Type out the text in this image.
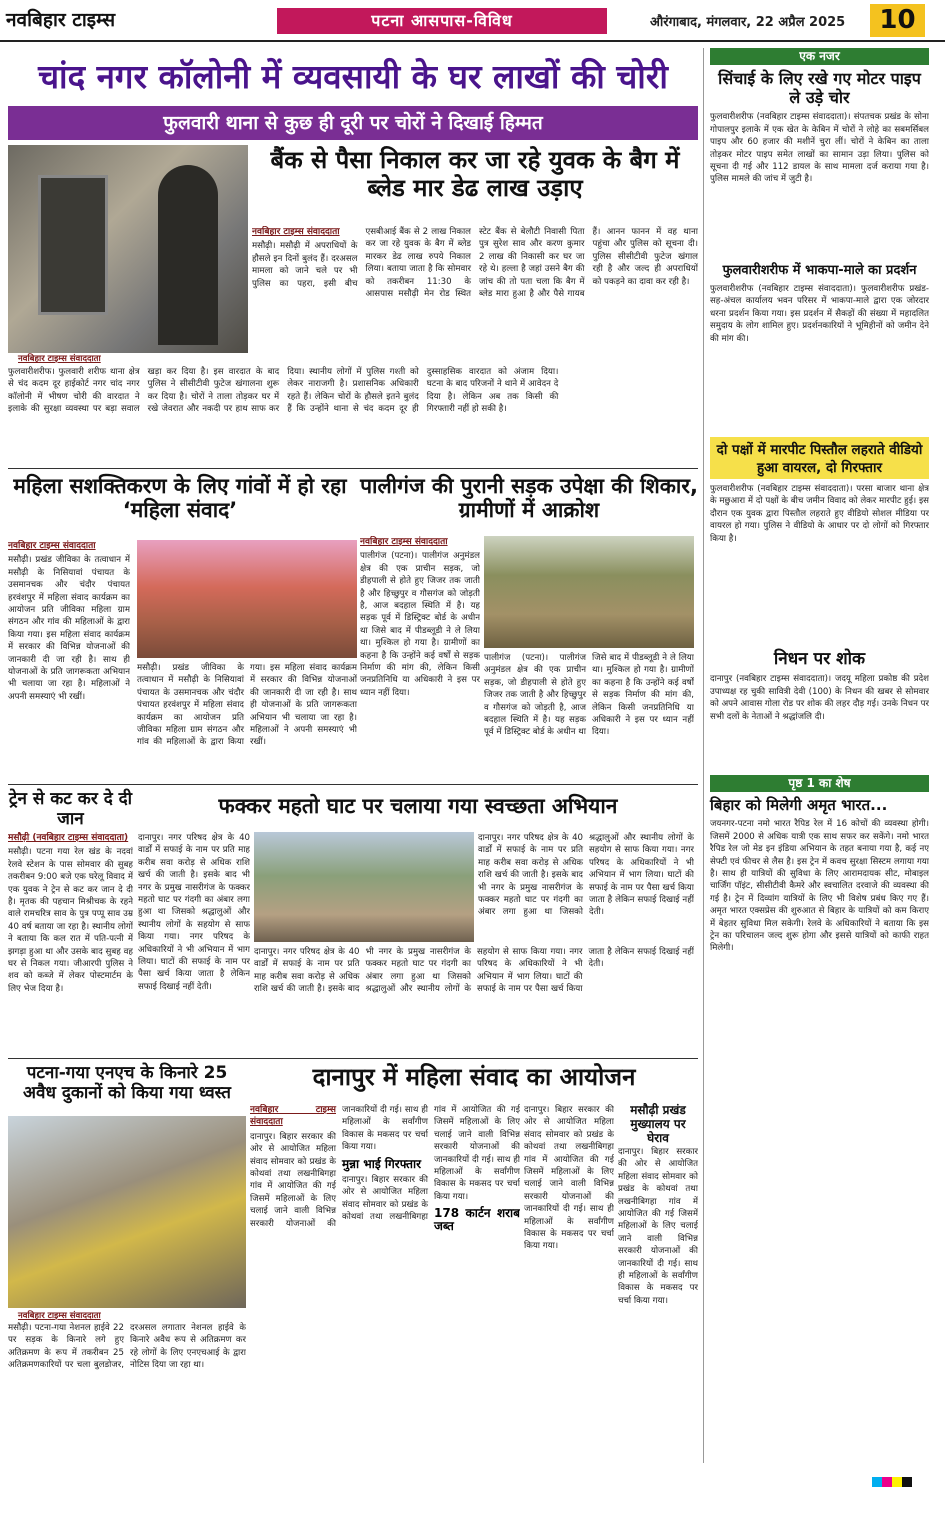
नवबिहार टाइम्स	पटना आसपास-विविध	औरंगाबाद, मंगलवार, 22 अप्रैल 2025	10
चांद नगर कॉलोनी में व्यवसायी के घर लाखों की चोरी
फुलवारी थाना से कुछ ही दूरी पर चोरों ने दिखाई हिम्मत
नवबिहार टाइम्स संवाददाता
फुलवारीशरीफ। फुलवारी शरीफ थाना क्षेत्र से चंद कदम दूर हाईकोर्ट नगर चांद नगर कॉलोनी में भीषण चोरी की वारदात ने इलाके की सुरक्षा व्यवस्था पर बड़ा सवाल खड़ा कर दिया है। इस वारदात के बाद पुलिस ने सीसीटीवी फुटेज खंगालना शुरू कर दिया है। चोरों ने ताला तोड़कर घर में रखे जेवरात और नकदी पर हाथ साफ कर दिया। स्थानीय लोगों में पुलिस गश्ती को लेकर नाराजगी है। प्रशासनिक अधिकारी रहते हैं। लेकिन चोरों के हौसले इतने बुलंद हैं कि उन्होंने थाना से चंद कदम दूर ही दुस्साहसिक वारदात को अंजाम दिया। घटना के बाद परिजनों ने थाने में आवेदन दे दिया है। लेकिन अब तक किसी की गिरफ्तारी नहीं हो सकी है।
बैंक से पैसा निकाल कर जा रहे युवक के बैग में ब्लेड मार डेढ लाख उड़ाए
नवबिहार टाइम्स संवाददाता
मसौढ़ी। मसौढ़ी में अपराधियों के हौसले इन दिनों बुलंद हैं। दरअसल मामला को जाने चले पर भी पुलिस का पहरा, इसी बीच एसबीआई बैंक से 2 लाख निकाल कर जा रहे युवक के बैग में ब्लेड मारकर डेढ लाख रुपये निकाल लिया। बताया जाता है कि सोमवार को तकरीबन 11:30 के आसपास मसौढ़ी मेन रोड स्थित स्टेट बैंक से बेलौटी निवासी पिता पुत्र सुरेश साव और करण कुमार 2 लाख की निकासी कर घर जा रहे थे। हल्ला है जहां उसने बैग की जांच की तो पता चला कि बैग में ब्लेड मारा हुआ है और पैसे गायब हैं। आनन फानन में वह थाना पहुंचा और पुलिस को सूचना दी। पुलिस सीसीटीवी फुटेज खंगाल रही है और जल्द ही अपराधियों को पकड़ने का दावा कर रही है।
महिला सशक्तिकरण के लिए गांवों में हो रहा ‘महिला संवाद’
नवबिहार टाइम्स संवाददाता
मसौढ़ी। प्रखंड जीविका के तत्वाधान में मसौढ़ी के निसियावां पंचायत के उसमानचक और चंदौर पंचायत हरवंशपुर में महिला संवाद कार्यक्रम का आयोजन प्रति जीविका महिला ग्राम संगठन और गांव की महिलाओं के द्वारा किया गया। इस महिला संवाद कार्यक्रम में सरकार की विभिन्न योजनाओं की जानकारी दी जा रही है। साथ ही योजनाओं के प्रति जागरूकता अभियान भी चलाया जा रहा है। महिलाओं ने अपनी समस्याएं भी रखीं।
मसौढ़ी। प्रखंड जीविका के तत्वाधान में मसौढ़ी के निसियावां पंचायत के उसमानचक और चंदौर पंचायत हरवंशपुर में महिला संवाद कार्यक्रम का आयोजन प्रति जीविका महिला ग्राम संगठन और गांव की महिलाओं के द्वारा किया गया। इस महिला संवाद कार्यक्रम में सरकार की विभिन्न योजनाओं की जानकारी दी जा रही है। साथ ही योजनाओं के प्रति जागरूकता अभियान भी चलाया जा रहा है। महिलाओं ने अपनी समस्याएं भी रखीं।
पालीगंज की पुरानी सड़क उपेक्षा की शिकार, ग्रामीणों में आक्रोश
नवबिहार टाइम्स संवाददाता
पालीगंज (पटना)। पालीगंज अनुमंडल क्षेत्र की एक प्राचीन सड़क, जो डीहपाली से होते हुए जिजर तक जाती है और हिच्छुपुर व गौसगंज को जोड़ती है, आज बदहाल स्थिति में है। यह सड़क पूर्व में डिस्ट्रिक्ट बोर्ड के अधीन था जिसे बाद में पीडब्लूडी ने ले लिया था। मुश्किल हो गया है। ग्रामीणों का कहना है कि उन्होंने कई वर्षों से सड़क निर्माण की मांग की, लेकिन किसी जनप्रतिनिधि या अधिकारी ने इस पर ध्यान नहीं दिया।
पालीगंज (पटना)। पालीगंज अनुमंडल क्षेत्र की एक प्राचीन सड़क, जो डीहपाली से होते हुए जिजर तक जाती है और हिच्छुपुर व गौसगंज को जोड़ती है, आज बदहाल स्थिति में है। यह सड़क पूर्व में डिस्ट्रिक्ट बोर्ड के अधीन था जिसे बाद में पीडब्लूडी ने ले लिया था। मुश्किल हो गया है। ग्रामीणों का कहना है कि उन्होंने कई वर्षों से सड़क निर्माण की मांग की, लेकिन किसी जनप्रतिनिधि या अधिकारी ने इस पर ध्यान नहीं दिया।
ट्रेन से कट कर दे दी जान
मसौढ़ी (नवबिहार टाइम्स संवाददाता)
मसौढ़ी। पटना गया रेल खंड के नदवां रेलवे स्टेशन के पास सोमवार की सुबह तकरीबन 9:00 बजे एक घरेलू विवाद में एक युवक ने ट्रेन से कट कर जान दे दी है। मृतक की पहचान मिश्रीचक के रहने वाले रामचरित्र साव के पुत्र पप्पू साव उम्र 40 वर्ष बताया जा रहा है। स्थानीय लोगों ने बताया कि कल रात में पति-पत्नी में झगड़ा हुआ था और उसके बाद सुबह वह घर से निकल गया। जीआरपी पुलिस ने शव को कब्जे में लेकर पोस्टमार्टम के लिए भेज दिया है।
फक्कर महतो घाट पर चलाया गया स्वच्छता अभियान
दानापुर। नगर परिषद क्षेत्र के 40 वार्डों में सफाई के नाम पर प्रति माह करीब सवा करोड़ से अधिक राशि खर्च की जाती है। इसके बाद भी नगर के प्रमुख नासरीगंज के फक्कर महतो घाट पर गंदगी का अंबार लगा हुआ था जिसको श्रद्धालुओं और स्थानीय लोगों के सहयोग से साफ किया गया। नगर परिषद के अधिकारियों ने भी अभियान में भाग लिया। घाटों की सफाई के नाम पर पैसा खर्च किया जाता है लेकिन सफाई दिखाई नहीं देती।
दानापुर। नगर परिषद क्षेत्र के 40 वार्डों में सफाई के नाम पर प्रति माह करीब सवा करोड़ से अधिक राशि खर्च की जाती है। इसके बाद भी नगर के प्रमुख नासरीगंज के फक्कर महतो घाट पर गंदगी का अंबार लगा हुआ था जिसको श्रद्धालुओं और स्थानीय लोगों के सहयोग से साफ किया गया। नगर परिषद के अधिकारियों ने भी अभियान में भाग लिया। घाटों की सफाई के नाम पर पैसा खर्च किया जाता है लेकिन सफाई दिखाई नहीं देती।
दानापुर। नगर परिषद क्षेत्र के 40 वार्डों में सफाई के नाम पर प्रति माह करीब सवा करोड़ से अधिक राशि खर्च की जाती है। इसके बाद भी नगर के प्रमुख नासरीगंज के फक्कर महतो घाट पर गंदगी का अंबार लगा हुआ था जिसको श्रद्धालुओं और स्थानीय लोगों के सहयोग से साफ किया गया। नगर परिषद के अधिकारियों ने भी अभियान में भाग लिया। घाटों की सफाई के नाम पर पैसा खर्च किया जाता है लेकिन सफाई दिखाई नहीं देती।
पटना-गया एनएच के किनारे 25 अवैध दुकानों को किया गया ध्वस्त
नवबिहार टाइम्स संवाददाता
मसौढ़ी। पटना-गया नेशनल हाईवे 22 पर सड़क के किनारे लगे हुए अतिक्रमण के रूप में तकरीबन 25 अतिक्रमणकारियों पर चला बुलडोजर, दरअसल लगातार नेशनल हाईवे के किनारे अवैध रूप से अतिक्रमण कर रहे लोगों के लिए एनएचआई के द्वारा नोटिस दिया जा रहा था।
दानापुर में महिला संवाद का आयोजन
नवबिहार टाइम्स संवाददाता
दानापुर। बिहार सरकार की ओर से आयोजित महिला संवाद सोमवार को प्रखंड के कोथवां तथा लखनीबिगहा गांव में आयोजित की गई जिसमें महिलाओं के लिए चलाई जाने वाली विभिन्न सरकारी योजनाओं की जानकारियों दी गई। साथ ही महिलाओं के सर्वांगीण विकास के मकसद पर चर्चा किया गया।
मुन्ना भाई गिरफ्तार
दानापुर। बिहार सरकार की ओर से आयोजित महिला संवाद सोमवार को प्रखंड के कोथवां तथा लखनीबिगहा गांव में आयोजित की गई जिसमें महिलाओं के लिए चलाई जाने वाली विभिन्न सरकारी योजनाओं की जानकारियों दी गई। साथ ही महिलाओं के सर्वांगीण विकास के मकसद पर चर्चा किया गया।
178 कार्टन शराब जब्त
दानापुर। बिहार सरकार की ओर से आयोजित महिला संवाद सोमवार को प्रखंड के कोथवां तथा लखनीबिगहा गांव में आयोजित की गई जिसमें महिलाओं के लिए चलाई जाने वाली विभिन्न सरकारी योजनाओं की जानकारियों दी गई। साथ ही महिलाओं के सर्वांगीण विकास के मकसद पर चर्चा किया गया।
मसौढ़ी प्रखंड मुख्यालय पर घेराव
दानापुर। बिहार सरकार की ओर से आयोजित महिला संवाद सोमवार को प्रखंड के कोथवां तथा लखनीबिगहा गांव में आयोजित की गई जिसमें महिलाओं के लिए चलाई जाने वाली विभिन्न सरकारी योजनाओं की जानकारियों दी गई। साथ ही महिलाओं के सर्वांगीण विकास के मकसद पर चर्चा किया गया।
एक नजर
सिंचाई के लिए रखे गए मोटर पाइप ले उड़े चोर
फुलवारीशरीफ (नवबिहार टाइम्स संवाददाता)। संपतचक प्रखंड के सोना गोपालपुर इलाके में एक खेत के केबिन में चोरों ने लोहे का सबमर्सिबल पाइप और 60 हजार की मशीनें चुरा लीं। चोरों ने केबिन का ताला तोड़कर मोटर पाइप समेत लाखों का सामान उड़ा लिया। पुलिस को सूचना दी गई और 112 डायल के साथ मामला दर्ज कराया गया है। पुलिस मामले की जांच में जुटी है।
फुलवारीशरीफ में भाकपा-माले का प्रदर्शन
फुलवारीशरीफ (नवबिहार टाइम्स संवाददाता)। फुलवारीशरीफ प्रखंड-सह-अंचल कार्यालय भवन परिसर में भाकपा-माले द्वारा एक जोरदार धरना प्रदर्शन किया गया। इस प्रदर्शन में सैकड़ों की संख्या में महादलित समुदाय के लोग शामिल हुए। प्रदर्शनकारियों ने भूमिहीनों को जमीन देने की मांग की।
दो पक्षों में मारपीट पिस्तौल लहराते वीडियो हुआ वायरल, दो गिरफ्तार
फुलवारीशरीफ (नवबिहार टाइम्स संवाददाता)। परसा बाजार थाना क्षेत्र के मछुआरा में दो पक्षों के बीच जमीन विवाद को लेकर मारपीट हुई। इस दौरान एक युवक द्वारा पिस्तौल लहराते हुए वीडियो सोशल मीडिया पर वायरल हो गया। पुलिस ने वीडियो के आधार पर दो लोगों को गिरफ्तार किया है।
निधन पर शोक
दानापुर (नवबिहार टाइम्स संवाददाता)। जदयू महिला प्रकोष्ठ की प्रदेश उपाध्यक्ष रह चुकी सावित्री देवी (100) के निधन की खबर से सोमवार को अपने आवास गोला रोड पर शोक की लहर दौड़ गई। उनके निधन पर सभी दलों के नेताओं ने श्रद्धांजलि दी।
पृष्ठ 1 का शेष
बिहार को मिलेगी अमृत भारत...
जयनगर-पटना नमो भारत रैपिड रेल में 16 कोचों की व्यवस्था होगी। जिसमें 2000 से अधिक यात्री एक साथ सफर कर सकेंगे। नमो भारत रैपिड रेल जो मेड इन इंडिया अभियान के तहत बनाया गया है, कई नए सेफ्टी एवं फीचर से लैस है। इस ट्रेन में कवच सुरक्षा सिस्टम लगाया गया है। साथ ही यात्रियों की सुविधा के लिए आरामदायक सीट, मोबाइल चार्जिंग पॉइंट, सीसीटीवी कैमरे और स्वचालित दरवाजे की व्यवस्था की गई है। ट्रेन में दिव्यांग यात्रियों के लिए भी विशेष प्रबंध किए गए हैं। अमृत भारत एक्सप्रेस की शुरुआत से बिहार के यात्रियों को कम किराए में बेहतर सुविधा मिल सकेगी। रेलवे के अधिकारियों ने बताया कि इस ट्रेन का परिचालन जल्द शुरू होगा और इससे यात्रियों को काफी राहत मिलेगी।
